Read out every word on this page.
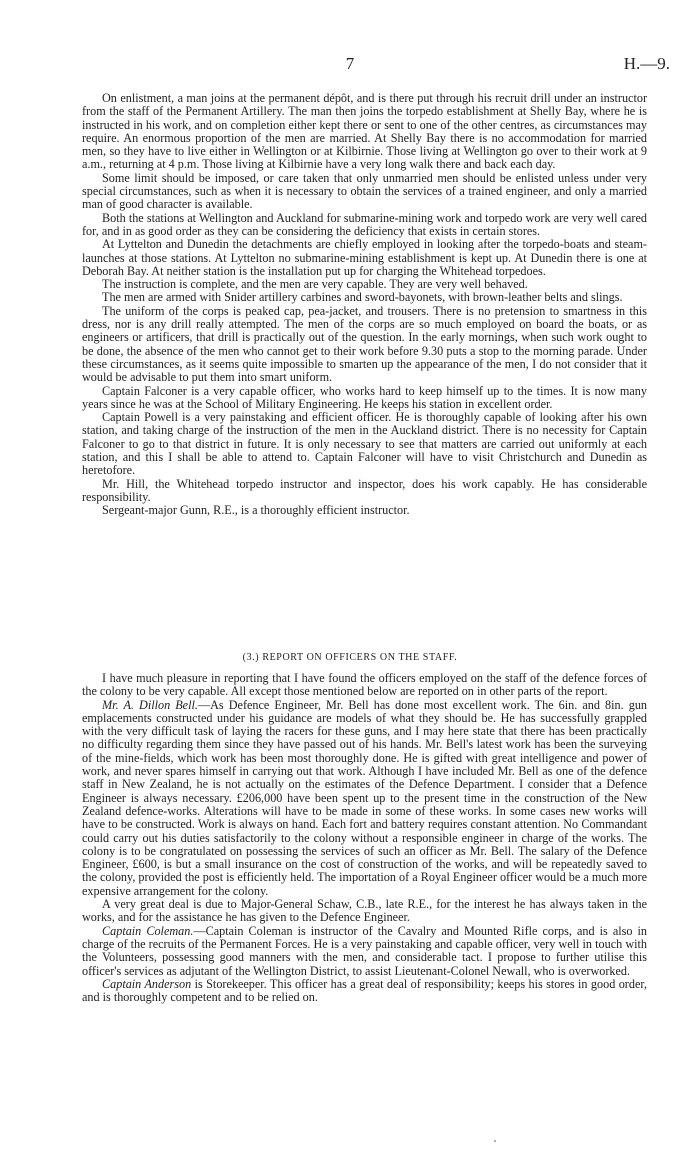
7	H.—9.

On enlistment, a man joins at the permanent dépôt, and is there put through his recruit drill under an instructor from the staff of the Permanent Artillery. The man then joins the torpedo establishment at Shelly Bay, where he is instructed in his work, and on completion either kept there or sent to one of the other centres, as circumstances may require. An enormous proportion of the men are married. At Shelly Bay there is no accommodation for married men, so they have to live either in Wellington or at Kilbirnie. Those living at Wellington go over to their work at 9 a.m., returning at 4 p.m. Those living at Kilbirnie have a very long walk there and back each day.

Some limit should be imposed, or care taken that only unmarried men should be enlisted unless under very special circumstances, such as when it is necessary to obtain the services of a trained engineer, and only a married man of good character is available.

Both the stations at Wellington and Auckland for submarine-mining work and torpedo work are very well cared for, and in as good order as they can be considering the deficiency that exists in certain stores.

At Lyttelton and Dunedin the detachments are chiefly employed in looking after the torpedo-boats and steam-launches at those stations. At Lyttelton no submarine-mining establishment is kept up. At Dunedin there is one at Deborah Bay. At neither station is the installation put up for charging the Whitehead torpedoes.

The instruction is complete, and the men are very capable. They are very well behaved.

The men are armed with Snider artillery carbines and sword-bayonets, with brown-leather belts and slings.

The uniform of the corps is peaked cap, pea-jacket, and trousers. There is no pretension to smartness in this dress, nor is any drill really attempted. The men of the corps are so much employed on board the boats, or as engineers or artificers, that drill is practically out of the question. In the early mornings, when such work ought to be done, the absence of the men who cannot get to their work before 9.30 puts a stop to the morning parade. Under these circumstances, as it seems quite impossible to smarten up the appearance of the men, I do not consider that it would be advisable to put them into smart uniform.

Captain Falconer is a very capable officer, who works hard to keep himself up to the times. It is now many years since he was at the School of Military Engineering. He keeps his station in excellent order.

Captain Powell is a very painstaking and efficient officer. He is thoroughly capable of looking after his own station, and taking charge of the instruction of the men in the Auckland district. There is no necessity for Captain Falconer to go to that district in future. It is only necessary to see that matters are carried out uniformly at each station, and this I shall be able to attend to. Captain Falconer will have to visit Christchurch and Dunedin as heretofore.

Mr. Hill, the Whitehead torpedo instructor and inspector, does his work capably. He has considerable responsibility.

Sergeant-major Gunn, R.E., is a thoroughly efficient instructor.

(3.) REPORT ON OFFICERS ON THE STAFF.

I have much pleasure in reporting that I have found the officers employed on the staff of the defence forces of the colony to be very capable. All except those mentioned below are reported on in other parts of the report.

Mr. A. Dillon Bell.—As Defence Engineer, Mr. Bell has done most excellent work. The 6in. and 8in. gun emplacements constructed under his guidance are models of what they should be. He has successfully grappled with the very difficult task of laying the racers for these guns, and I may here state that there has been practically no difficulty regarding them since they have passed out of his hands. Mr. Bell's latest work has been the surveying of the mine-fields, which work has been most thoroughly done. He is gifted with great intelligence and power of work, and never spares himself in carrying out that work. Although I have included Mr. Bell as one of the defence staff in New Zealand, he is not actually on the estimates of the Defence Department. I consider that a Defence Engineer is always necessary. £206,000 have been spent up to the present time in the construction of the New Zealand defence-works. Alterations will have to be made in some of these works. In some cases new works will have to be constructed. Work is always on hand. Each fort and battery requires constant attention. No Commandant could carry out his duties satisfactorily to the colony without a responsible engineer in charge of the works. The colony is to be congratulated on possessing the services of such an officer as Mr. Bell. The salary of the Defence Engineer, £600, is but a small insurance on the cost of construction of the works, and will be repeatedly saved to the colony, provided the post is efficiently held. The importation of a Royal Engineer officer would be a much more expensive arrangement for the colony.

A very great deal is due to Major-General Schaw, C.B., late R.E., for the interest he has always taken in the works, and for the assistance he has given to the Defence Engineer.

Captain Coleman.—Captain Coleman is instructor of the Cavalry and Mounted Rifle corps, and is also in charge of the recruits of the Permanent Forces. He is a very painstaking and capable officer, very well in touch with the Volunteers, possessing good manners with the men, and considerable tact. I propose to further utilise this officer's services as adjutant of the Wellington District, to assist Lieutenant-Colonel Newall, who is overworked.

Captain Anderson is Storekeeper. This officer has a great deal of responsibility; keeps his stores in good order, and is thoroughly competent and to be relied on.
